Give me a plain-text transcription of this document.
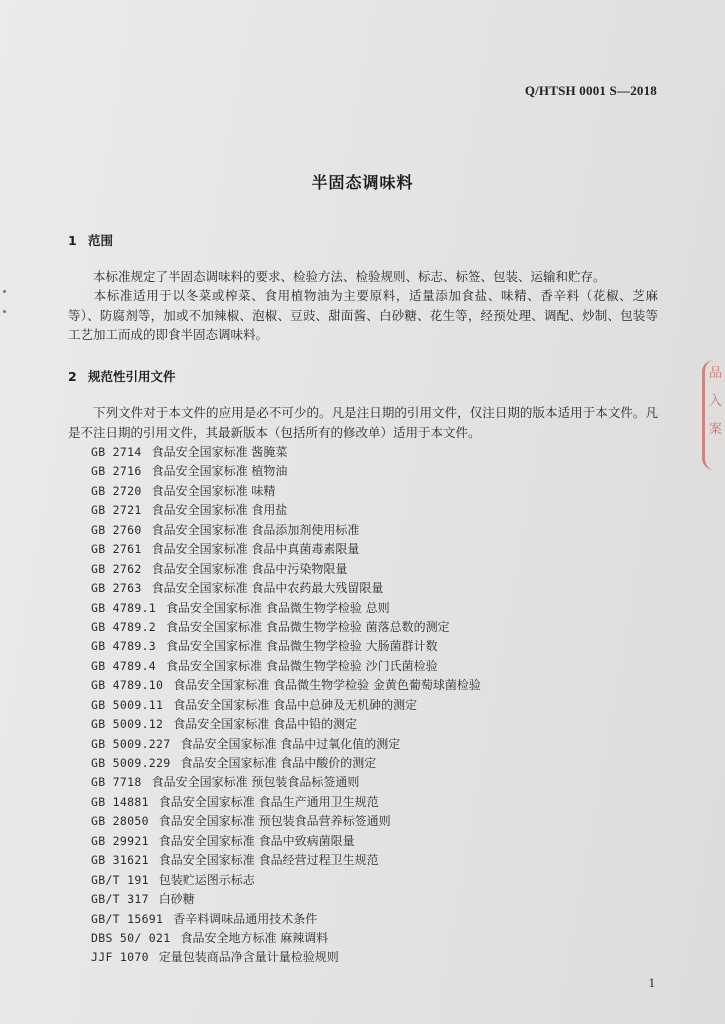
Q/HTSH 0001 S—2018
半固态调味料
1 范围
本标准规定了半固态调味料的要求、检验方法、检验规则、标志、标签、包装、运输和贮存。
本标准适用于以冬菜或榨菜、食用植物油为主要原料，适量添加食盐、味精、香辛料（花椒、芝麻等）、防腐剂等，加或不加辣椒、泡椒、豆豉、甜面酱、白砂糖、花生等，经预处理、调配、炒制、包装等工艺加工而成的即食半固态调味料。
2 规范性引用文件
下列文件对于本文件的应用是必不可少的。凡是注日期的引用文件，仅注日期的版本适用于本文件。凡是不注日期的引用文件，其最新版本（包括所有的修改单）适用于本文件。
GB 2714 食品安全国家标准 酱腌菜
GB 2716 食品安全国家标准 植物油
GB 2720 食品安全国家标准 味精
GB 2721 食品安全国家标准 食用盐
GB 2760 食品安全国家标准 食品添加剂使用标准
GB 2761 食品安全国家标准 食品中真菌毒素限量
GB 2762 食品安全国家标准 食品中污染物限量
GB 2763 食品安全国家标准 食品中农药最大残留限量
GB 4789.1 食品安全国家标准 食品微生物学检验 总则
GB 4789.2 食品安全国家标准 食品微生物学检验 菌落总数的测定
GB 4789.3 食品安全国家标准 食品微生物学检验 大肠菌群计数
GB 4789.4 食品安全国家标准 食品微生物学检验 沙门氏菌检验
GB 4789.10 食品安全国家标准 食品微生物学检验 金黄色葡萄球菌检验
GB 5009.11 食品安全国家标准 食品中总砷及无机砷的测定
GB 5009.12 食品安全国家标准 食品中铅的测定
GB 5009.227 食品安全国家标准 食品中过氧化值的测定
GB 5009.229 食品安全国家标准 食品中酸价的测定
GB 7718 食品安全国家标准 预包装食品标签通则
GB 14881 食品安全国家标准 食品生产通用卫生规范
GB 28050 食品安全国家标准 预包装食品营养标签通则
GB 29921 食品安全国家标准 食品中致病菌限量
GB 31621 食品安全国家标准 食品经营过程卫生规范
GB/T 191 包装贮运图示标志
GB/T 317 白砂糖
GB/T 15691 香辛料调味品通用技术条件
DBS 50/ 021 食品安全地方标准 麻辣调料
JJF 1070 定量包装商品净含量计量检验规则
1
品
入
案
